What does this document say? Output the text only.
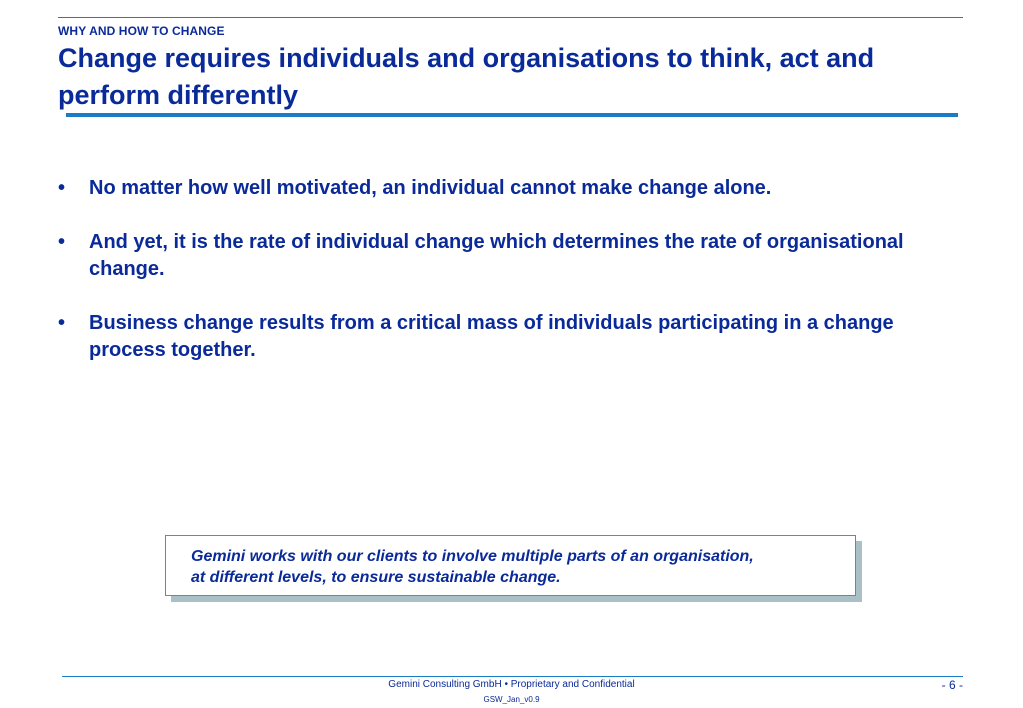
WHY AND HOW TO CHANGE
Change requires individuals and organisations to think, act and perform differently
• No matter how well motivated, an individual cannot make change alone.
• And yet, it is the rate of individual change which determines the rate of organisational change.
• Business change results from a critical mass of individuals participating in a change process together.

Gemini works with our clients to involve multiple parts of an organisation,
at different levels, to ensure sustainable change.

Gemini Consulting GmbH • Proprietary and Confidential
GSW_Jan_v0.9
- 6 -
